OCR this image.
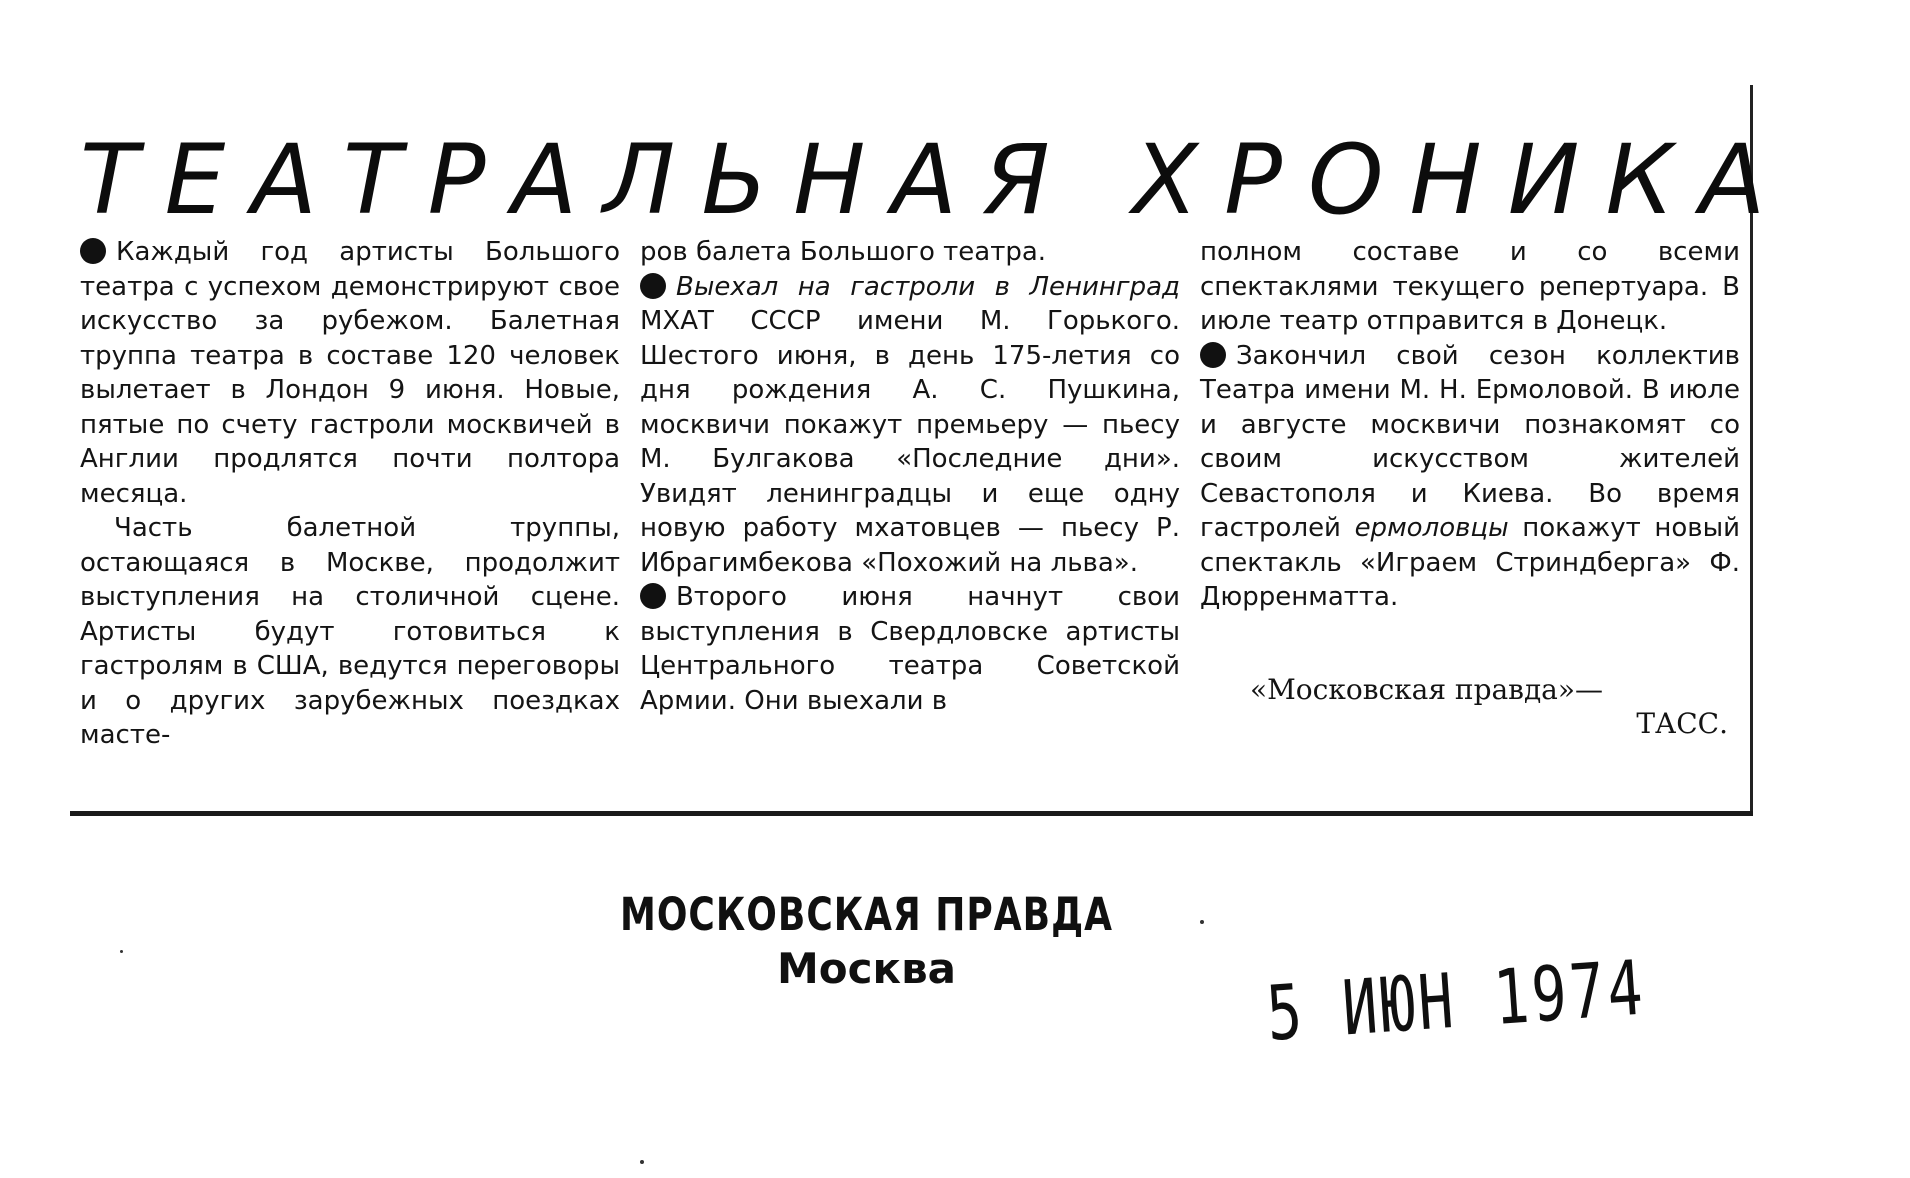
ТЕАТРАЛЬНАЯ ХРОНИКА

Каждый год артисты Большого театра с успехом демонстрируют свое искусство за рубежом. Балетная труппа театра в составе 120 человек вылетает в Лондон 9 июня. Новые, пятые по счету гастроли москвичей в Англии продлятся почти полтора месяца.

Часть балетной труппы, остающаяся в Москве, продолжит выступления на столичной сцене. Артисты будут готовиться к гастролям в США, ведутся переговоры и о других зарубежных поездках масте-

ров балета Большого театра.

Выехал на гастроли в Ленинград МХАТ СССР имени М. Горького. Шестого июня, в день 175-летия со дня рождения А. С. Пушкина, москвичи покажут премьеру — пьесу М. Булгакова «Последние дни». Увидят ленинградцы и еще одну новую работу мхатовцев — пьесу Р. Ибрагимбекова «Похожий на льва».

Второго июня начнут свои выступления в Свердловске артисты Центрального театра Советской Армии. Они выехали в

полном составе и со всеми спектаклями текущего репертуара. В июле театр отправится в Донецк.

Закончил свой сезон коллектив Театра имени М. Н. Ермоловой. В июле и августе москвичи познакомят со своим искусством жителей Севастополя и Киева. Во время гастролей ермоловцы покажут новый спектакль «Играем Стриндберга» Ф. Дюрренматта.

«Московская правда»—
ТАСС.
МОСКОВСКАЯ ПРАВДА
Москва	5 ИЮН 1974
